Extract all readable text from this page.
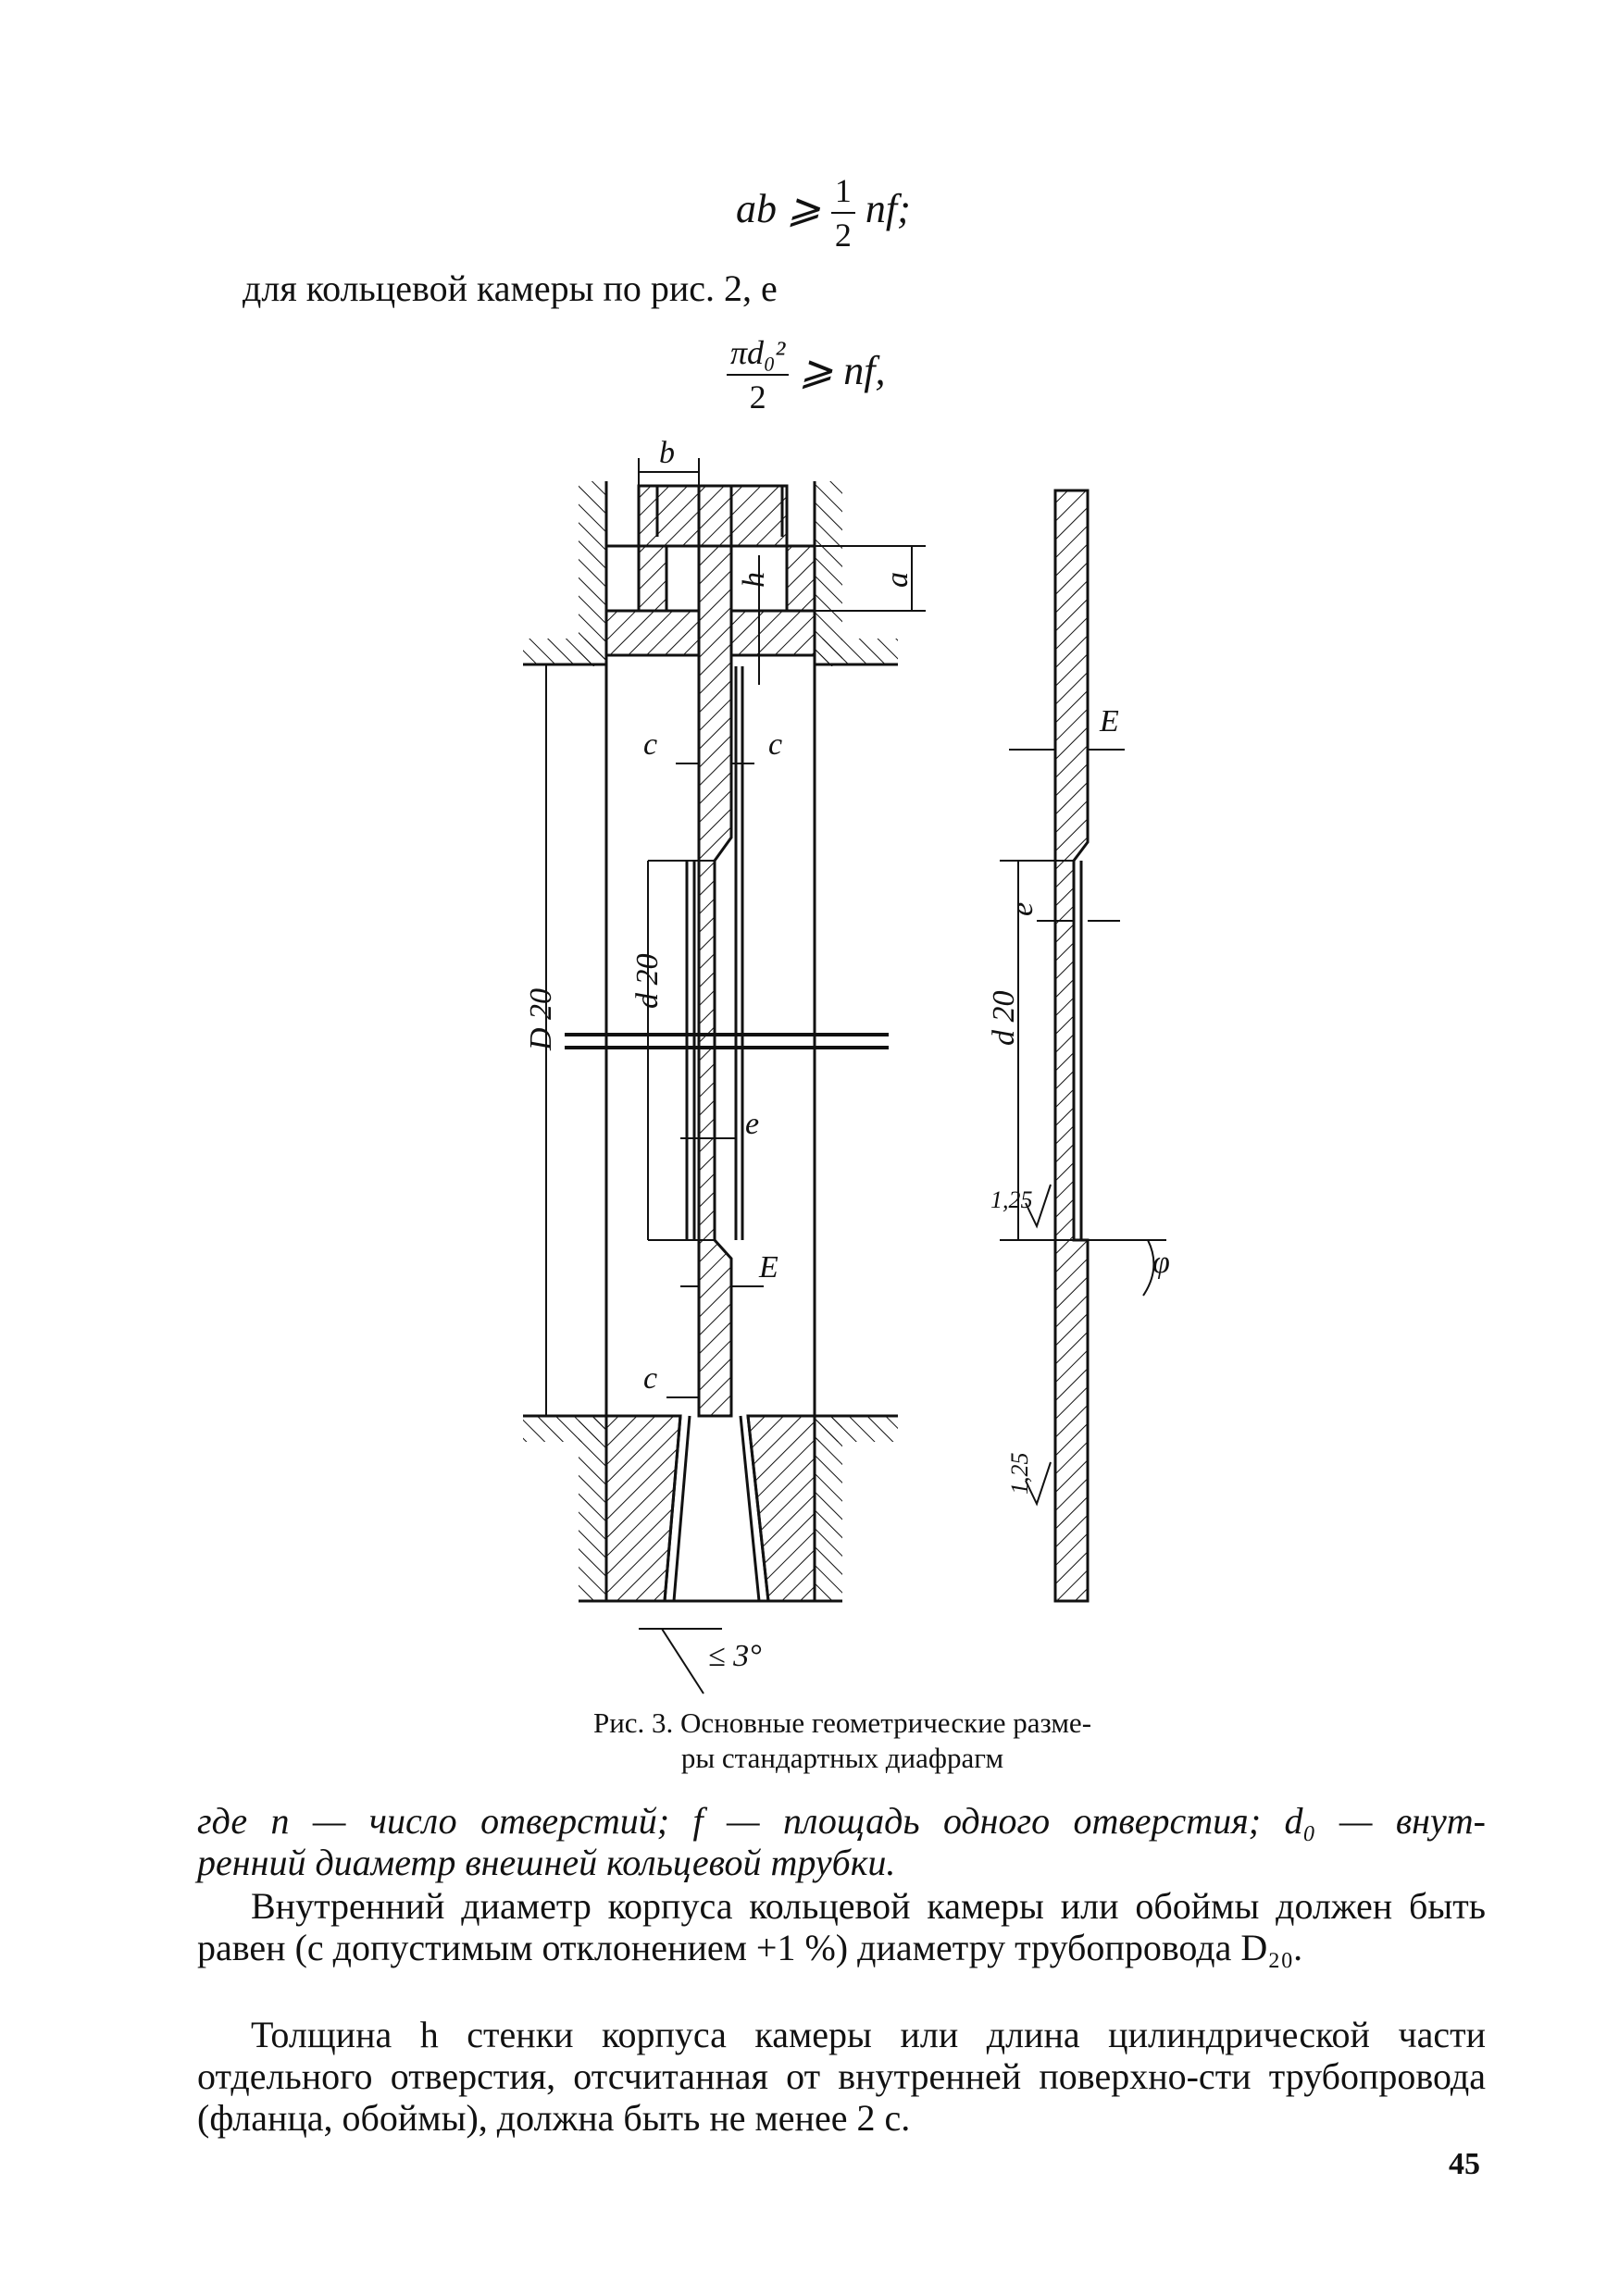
ab ⩾ $\frac{1}{2}$ nf;
для кольцевой камеры по рис. 2, е
$\frac{\text{πd₀²}}{2}$ ⩾ nf,
b
a
h
c	c
D 20
d 20
e
E
c
≤ 3°
E
e
d 20
1,25
1,25
φ
Рис. 3. Основные геометрические разме-
ры стандартных диафрагм

где n — число отверстий; f — площадь одного отверстия; d₀ — внут-

ренний диаметр внешней кольцевой трубки.

Внутренний диаметр корпуса кольцевой камеры или обоймы должен быть равен (с допустимым отклонением +1 %) диаметру трубопровода D₂₀.

Толщина h стенки корпуса камеры или длина цилиндрической части отдельного отверстия, отсчитанная от внутренней поверхно-сти трубопровода (фланца, обоймы), должна быть не менее 2 с.

45
